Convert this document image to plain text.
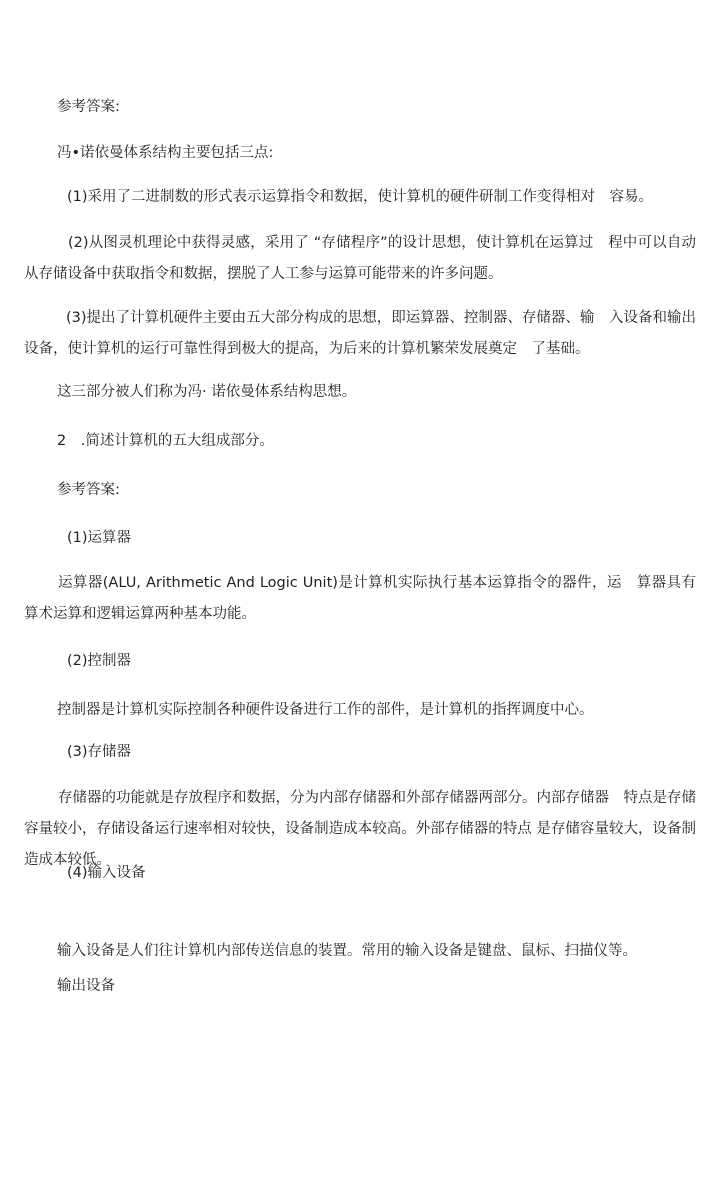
参考答案:
冯•诺依曼体系结构主要包括三点:
(1)采用了二进制数的形式表示运算指令和数据，使计算机的硬件研制工作变得相对　容易。
(2)从图灵机理论中获得灵感，采用了 “存储程序”的设计思想，使计算机在运算过　程中可以自动从存储设备中获取指令和数据，摆脱了人工参与运算可能带来的许多问题。
(3)提出了计算机硬件主要由五大部分构成的思想，即运算器、控制器、存储器、输　入设备和输出设备，使计算机的运行可靠性得到极大的提高，为后来的计算机繁荣发展奠定　了基础。
这三部分被人们称为冯· 诺依曼体系结构思想。
2　.简述计算机的五大组成部分。
参考答案:
(1)运算器
运算器(ALU, Arithmetic And Logic Unit)是计算机实际执行基本运算指令的器件，运　算器具有算术运算和逻辑运算两种基本功能。
(2)控制器
控制器是计算机实际控制各种硬件设备进行工作的部件，是计算机的指挥调度中心。
(3)存储器
存储器的功能就是存放程序和数据，分为内部存储器和外部存储器两部分。内部存储器　特点是存储容量较小，存储设备运行速率相对较快，设备制造成本较高。外部存储器的特点 是存储容量较大，设备制造成本较低。
(4)输入设备
输入设备是人们往计算机内部传送信息的装置。常用的输入设备是键盘、鼠标、扫描仪等。
输出设备
